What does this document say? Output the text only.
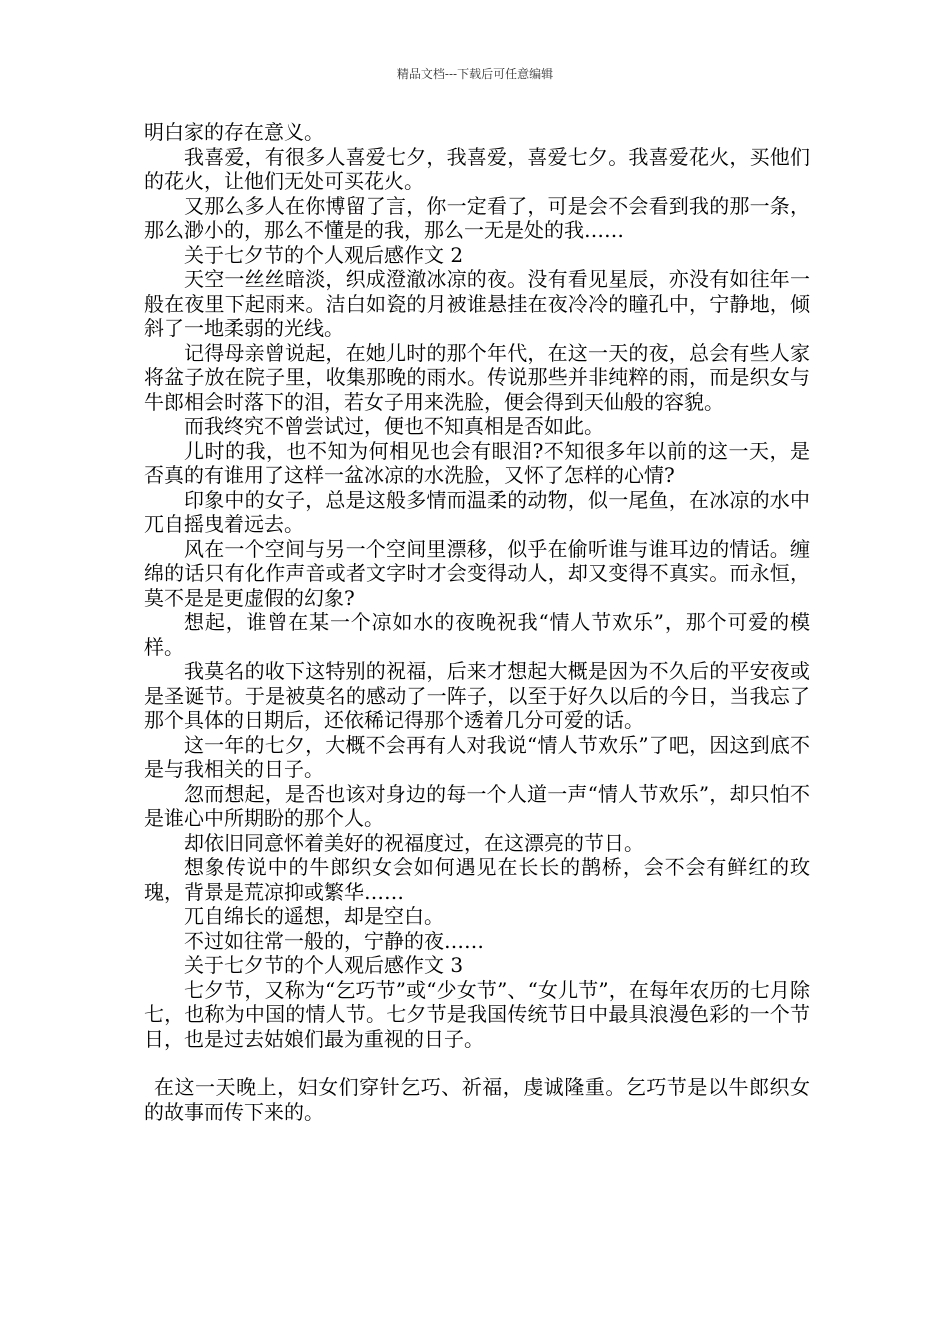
精品文档---下载后可任意编辑

明白家的存在意义。

我喜爱，有很多人喜爱七夕，我喜爱，喜爱七夕。我喜爱花火，买他们的花火，让他们无处可买花火。

又那么多人在你博留了言，你一定看了，可是会不会看到我的那一条，那么渺小的，那么不懂是的我，那么一无是处的我……

关于七夕节的个人观后感作文 2

天空一丝丝暗淡，织成澄澈冰凉的夜。没有看见星辰，亦没有如往年一般在夜里下起雨来。洁白如瓷的月被谁悬挂在夜冷冷的瞳孔中，宁静地，倾斜了一地柔弱的光线。

记得母亲曾说起，在她儿时的那个年代，在这一天的夜，总会有些人家将盆子放在院子里，收集那晚的雨水。传说那些并非纯粹的雨，而是织女与牛郎相会时落下的泪，若女子用来洗脸，便会得到天仙般的容貌。

而我终究不曾尝试过，便也不知真相是否如此。

儿时的我，也不知为何相见也会有眼泪?不知很多年以前的这一天，是否真的有谁用了这样一盆冰凉的水洗脸，又怀了怎样的心情?

印象中的女子，总是这般多情而温柔的动物，似一尾鱼，在冰凉的水中兀自摇曳着远去。

风在一个空间与另一个空间里漂移，似乎在偷听谁与谁耳边的情话。缠绵的话只有化作声音或者文字时才会变得动人，却又变得不真实。而永恒，莫不是是更虚假的幻象?

想起，谁曾在某一个凉如水的夜晚祝我“情人节欢乐”，那个可爱的模样。

我莫名的收下这特别的祝福，后来才想起大概是因为不久后的平安夜或是圣诞节。于是被莫名的感动了一阵子，以至于好久以后的今日，当我忘了那个具体的日期后，还依稀记得那个透着几分可爱的话。

这一年的七夕，大概不会再有人对我说“情人节欢乐”了吧，因这到底不是与我相关的日子。

忽而想起，是否也该对身边的每一个人道一声“情人节欢乐”，却只怕不是谁心中所期盼的那个人。

却依旧同意怀着美好的祝福度过，在这漂亮的节日。

想象传说中的牛郎织女会如何遇见在长长的鹊桥，会不会有鲜红的玫瑰，背景是荒凉抑或繁华……

兀自绵长的遥想，却是空白。

不过如往常一般的，宁静的夜……

关于七夕节的个人观后感作文 3

七夕节，又称为“乞巧节”或“少女节”、“女儿节”，在每年农历的七月除七，也称为中国的情人节。七夕节是我国传统节日中最具浪漫色彩的一个节日，也是过去姑娘们最为重视的日子。

在这一天晚上，妇女们穿针乞巧、祈福，虔诚隆重。乞巧节是以牛郎织女的故事而传下来的。
